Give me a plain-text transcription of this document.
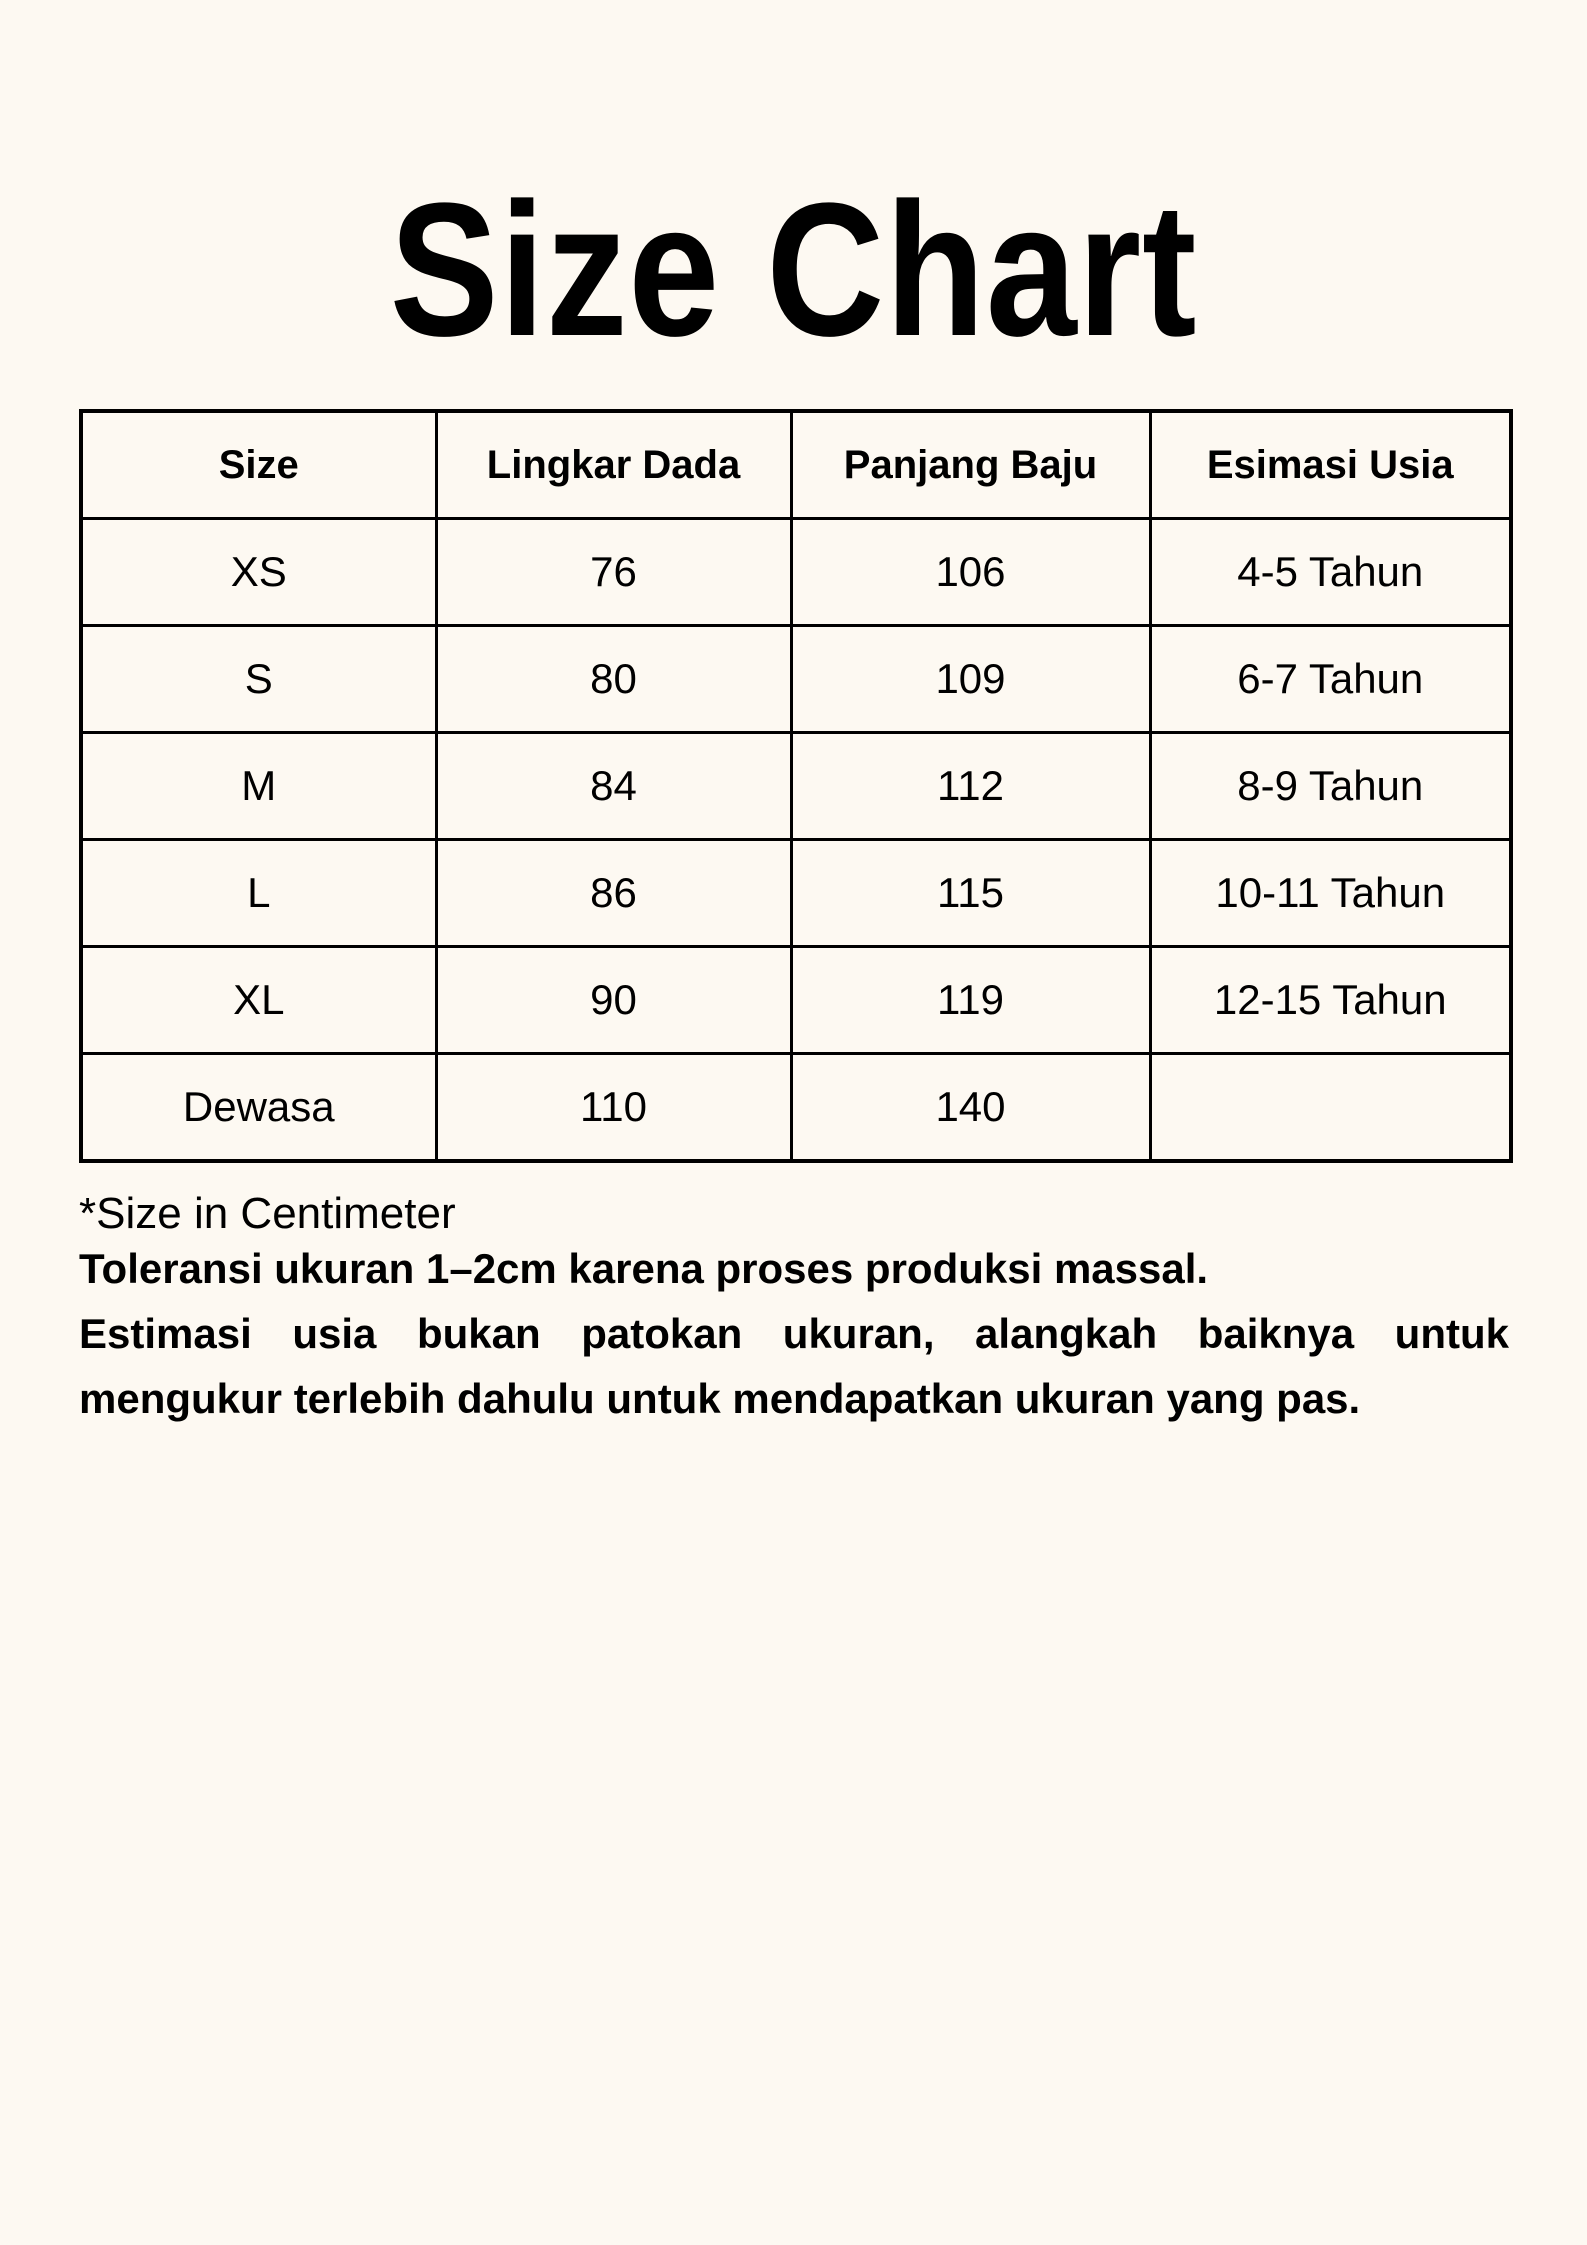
Size Chart
Size	Lingkar Dada	Panjang Baju	Esimasi Usia
XS	76	106	4-5 Tahun
S	80	109	6-7 Tahun
M	84	112	8-9 Tahun
L	86	115	10-11 Tahun
XL	90	119	12-15 Tahun
Dewasa	110	140	
*Size in Centimeter
Toleransi ukuran 1–2cm karena proses produksi massal.
Estimasi usia bukan patokan ukuran, alangkah baiknya untuk mengukur terlebih dahulu untuk mendapatkan ukuran yang pas.
